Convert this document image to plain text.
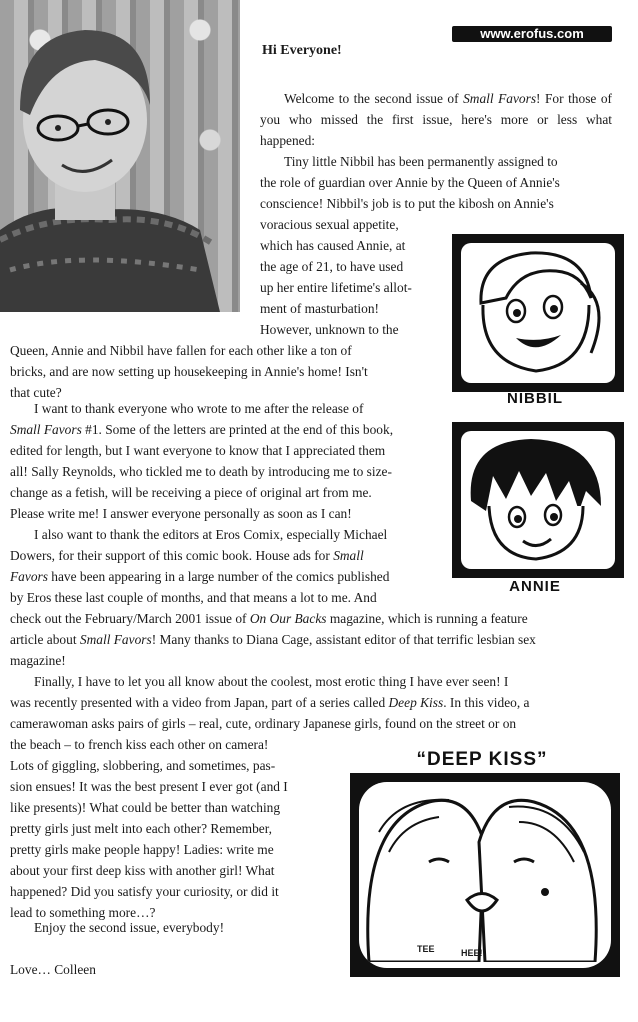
www.erofus.com

Hi Everyone!

Welcome to the second issue of Small Favors! For those of you who missed the first issue, here's more or less what happened:

Tiny little Nibbil has been permanently assigned to

the role of guardian over Annie by the Queen of Annie's

conscience! Nibbil's job is to put the kibosh on Annie's

voracious sexual appetite,

which has caused Annie, at

the age of 21, to have used

up her entire lifetime's allot-

ment of masturbation!

However, unknown to the

Queen, Annie and Nibbil have fallen for each other like a ton of

bricks, and are now setting up housekeeping in Annie's home! Isn't

that cute?

I want to thank everyone who wrote to me after the release of

Small Favors #1. Some of the letters are printed at the end of this book,

edited for length, but I want everyone to know that I appreciated them

all! Sally Reynolds, who tickled me to death by introducing me to size-

change as a fetish, will be receiving a piece of original art from me.

Please write me! I answer everyone personally as soon as I can!

I also want to thank the editors at Eros Comix, especially Michael

Dowers, for their support of this comic book. House ads for Small

Favors have been appearing in a large number of the comics published

by Eros these last couple of months, and that means a lot to me. And

check out the February/March 2001 issue of On Our Backs magazine, which is running a feature

article about Small Favors! Many thanks to Diana Cage, assistant editor of that terrific lesbian sex

magazine!

Finally, I have to let you all know about the coolest, most erotic thing I have ever seen! I

was recently presented with a video from Japan, part of a series called Deep Kiss. In this video, a

camerawoman asks pairs of girls – real, cute, ordinary Japanese girls, found on the street or on

the beach – to french kiss each other on camera!

Lots of giggling, slobbering, and sometimes, pas-

sion ensues! It was the best present I ever got (and I

like presents)! What could be better than watching

pretty girls just melt into each other? Remember,

pretty girls make people happy! Ladies: write me

about your first deep kiss with another girl! What

happened? Did you satisfy your curiosity, or did it

lead to something more…?

Enjoy the second issue, everybody!

Love… Colleen

NIBBIL
ANNIE
“DEEP KISS”
TEE	HEE!
